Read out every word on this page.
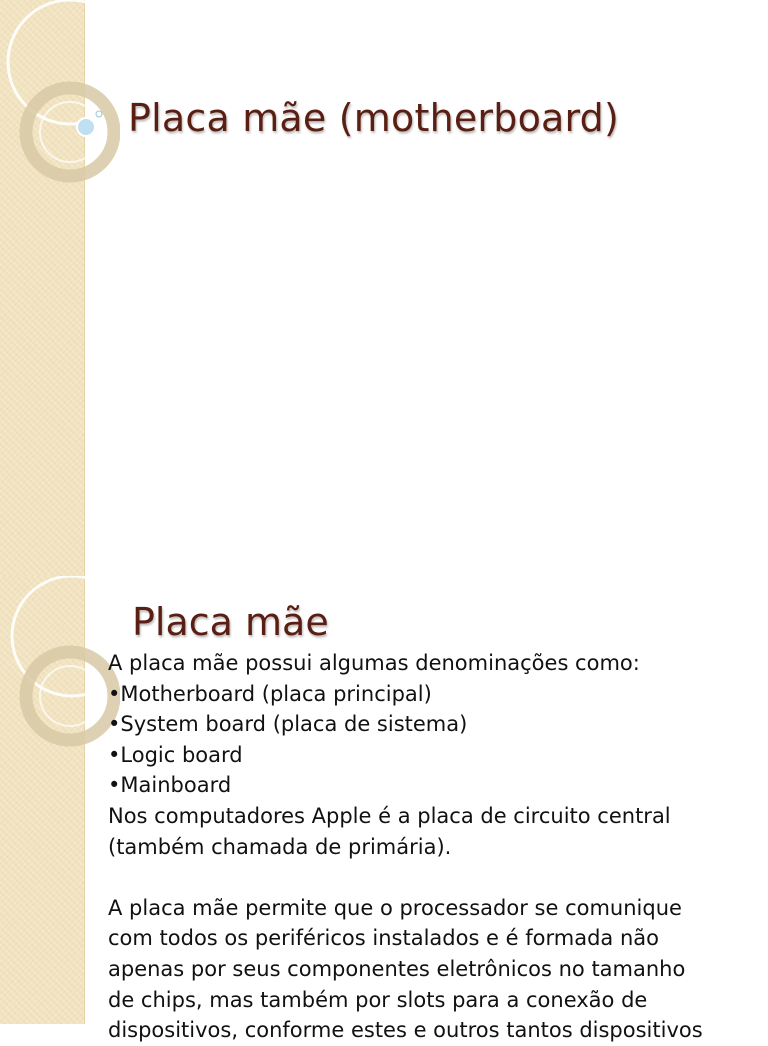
Placa mãe (motherboard)
Placa mãe

A placa mãe possui algumas denominações como:

•Motherboard (placa principal)

•System board (placa de sistema)

•Logic board

•Mainboard

Nos computadores Apple é a placa de circuito central

(também chamada de primária).

A placa mãe permite que o processador se comunique

com todos os periféricos instalados e é formada não

apenas por seus componentes eletrônicos no tamanho

de chips, mas também por slots para a conexão de

dispositivos, conforme estes e outros tantos dispositivos
